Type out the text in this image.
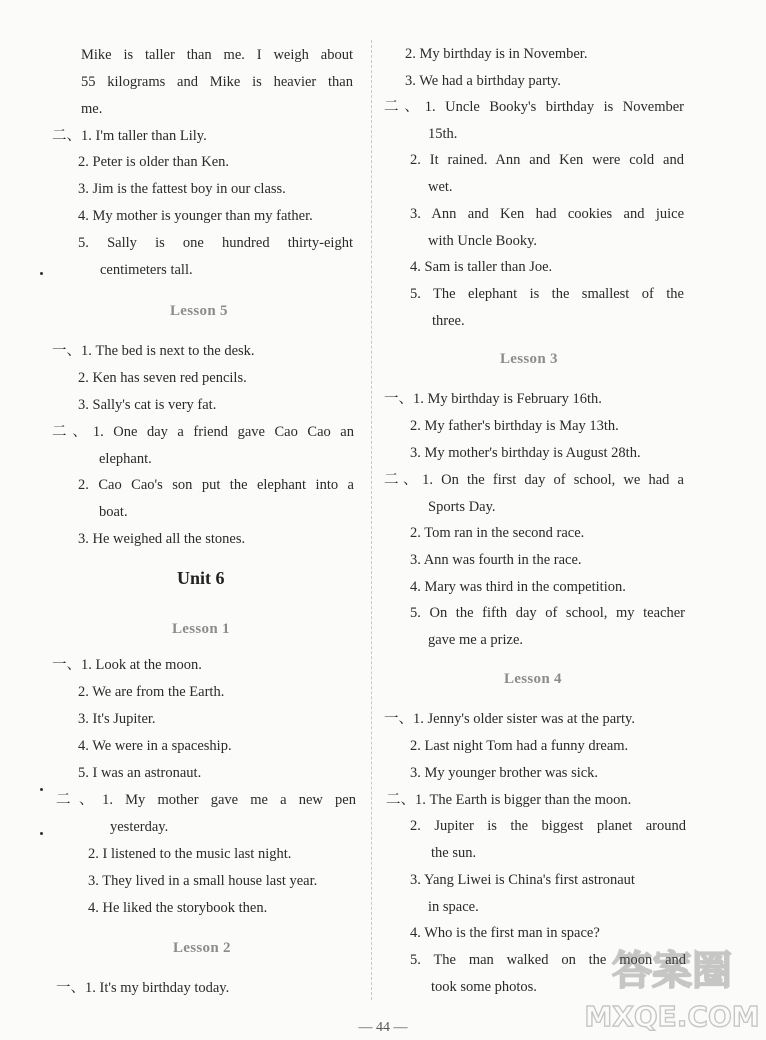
Mike is taller than me. I weigh about
55 kilograms and Mike is heavier than
me.
二、1. I'm taller than Lily.
2. Peter is older than Ken.
3. Jim is the fattest boy in our class.
4. My mother is younger than my father.
5. Sally is one hundred thirty-eight
centimeters tall.
Lesson 5
一、1. The bed is next to the desk.
2. Ken has seven red pencils.
3. Sally's cat is very fat.
二、1. One day a friend gave Cao Cao an
elephant.
2. Cao Cao's son put the elephant into a
boat.
3. He weighed all the stones.
Unit 6
Lesson 1
一、1. Look at the moon.
2. We are from the Earth.
3. It's Jupiter.
4. We were in a spaceship.
5. I was an astronaut.
二、1. My mother gave me a new pen
yesterday.
2. I listened to the music last night.
3. They lived in a small house last year.
4. He liked the storybook then.
Lesson 2
一、1. It's my birthday today.
2. My birthday is in November.
3. We had a birthday party.
二、1. Uncle Booky's birthday is November
15th.
2. It rained. Ann and Ken were cold and
wet.
3. Ann and Ken had cookies and juice
with Uncle Booky.
4. Sam is taller than Joe.
5. The elephant is the smallest of the
three.
Lesson 3
一、1. My birthday is February 16th.
2. My father's birthday is May 13th.
3. My mother's birthday is August 28th.
二、1. On the first day of school, we had a
Sports Day.
2. Tom ran in the second race.
3. Ann was fourth in the race.
4. Mary was third in the competition.
5. On the fifth day of school, my teacher
gave me a prize.
Lesson 4
一、1. Jenny's older sister was at the party.
2. Last night Tom had a funny dream.
3. My younger brother was sick.
二、1. The Earth is bigger than the moon.
2. Jupiter is the biggest planet around
the sun.
3. Yang Liwei is China's first astronaut
in space.
4. Who is the first man in space?
5. The man walked on the moon and
took some photos.
— 44 —
答案圈
MXQE.COM
